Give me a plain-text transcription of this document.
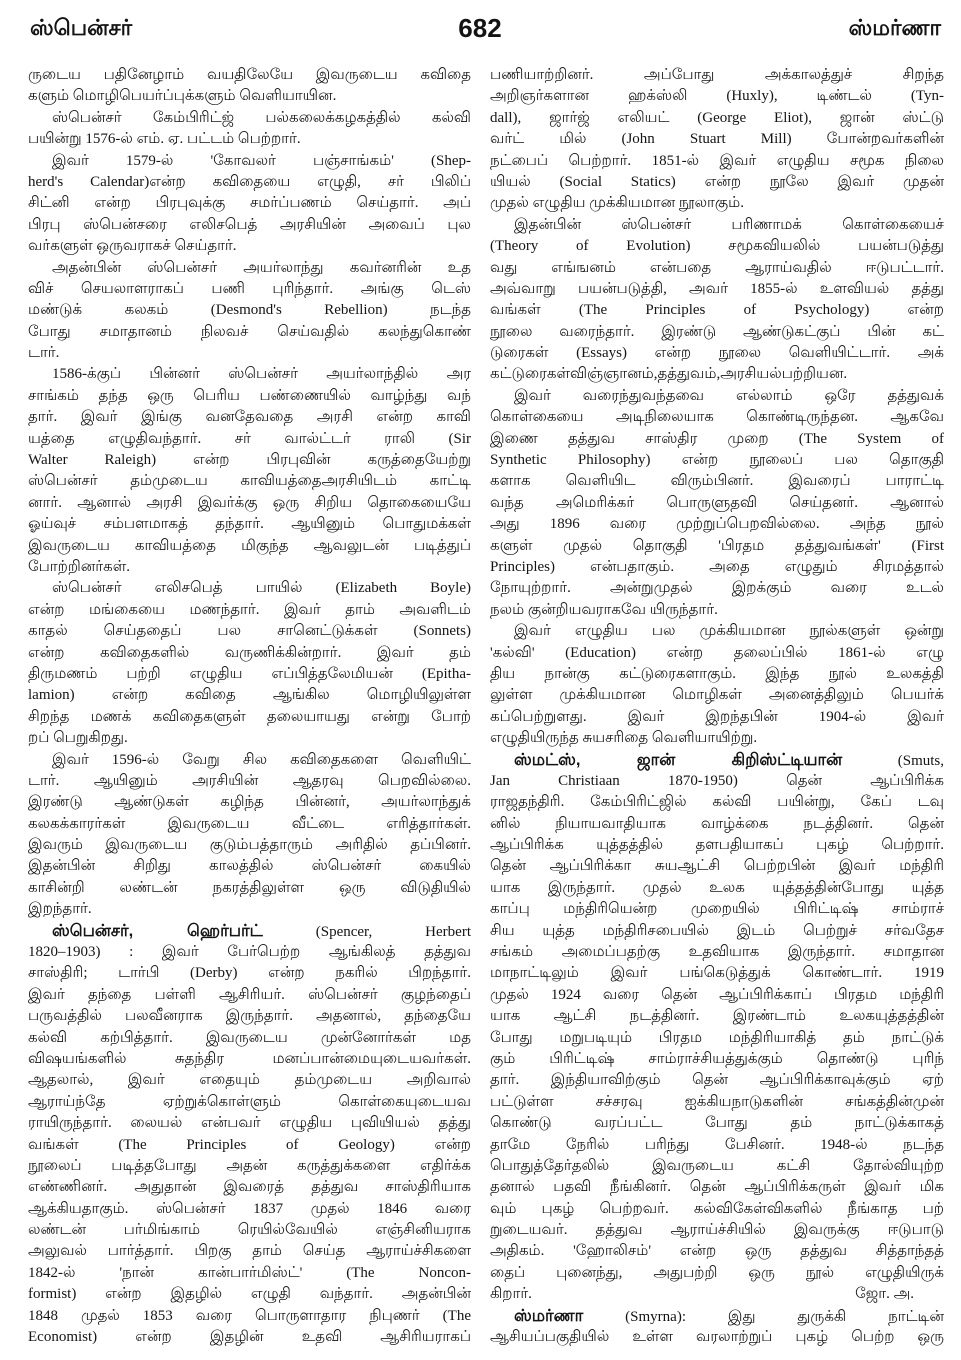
ஸ்பென்சர்	682	ஸ்மர்ணா
ருடைய பதினேழாம் வயதிலேயே இவருடைய கவிதை
களும் மொழிபெயர்ப்புக்களும் வெளியாயின.
ஸ்பென்சர் கேம்பிரிட்ஜ் பல்கலைக்கழகத்தில் கல்வி
பயின்று 1576-ல் எம். ஏ. பட்டம் பெற்றார்.
இவர் 1579-ல் 'கோவலர் பஞ்சாங்கம்' (Shep-
herd's Calendar)என்ற கவிதையை எழுதி, சர் பிலிப்
சிட்னி என்ற பிரபுவுக்கு சமர்ப்பணம் செய்தார். அப்
பிரபு ஸ்பென்சரை எலிசபெத் அரசியின் அவைப் புல
வர்களுள் ஒருவராகச் செய்தார்.
அதன்பின் ஸ்பென்சர் அயர்லாந்து கவர்னரின் உத
விச் செயலாளராகப் பணி புரிந்தார். அங்கு டெஸ்
மண்டுக் கலகம் (Desmond's Rebellion) நடந்த
போது சமாதானம் நிலவச் செய்வதில் கலந்துகொண்
டார்.
1586-க்குப் பின்னர் ஸ்பென்சர் அயர்லாந்தில் அர
சாங்கம் தந்த ஒரு பெரிய பண்ணையில் வாழ்ந்து வந்
தார். இவர் இங்கு வனதேவதை அரசி என்ற காவி
யத்தை எழுதிவந்தார். சர் வால்ட்டர் ராலி (Sir
Walter Raleigh) என்ற பிரபுவின் கருத்தையேற்று
ஸ்பென்சர் தம்முடைய காவியத்தைஅரசியிடம் காட்டி
னார். ஆனால் அரசி இவர்க்கு ஒரு சிறிய தொகையையே
ஓய்வுச் சம்பளமாகத் தந்தார். ஆயினும் பொதுமக்கள்
இவருடைய காவியத்தை மிகுந்த ஆவலுடன் படித்துப்
போற்றினர்கள்.
ஸ்பென்சர் எலிசபெத் பாயில் (Elizabeth Boyle)
என்ற மங்கையை மணந்தார். இவர் தாம் அவளிடம்
காதல் செய்ததைப் பல சானெட்டுக்கள் (Sonnets)
என்ற கவிதைகளில் வருணிக்கின்றார். இவர் தம்
திருமணம் பற்றி எழுதிய எப்பித்தலேமியன் (Epitha-
lamion) என்ற கவிதை ஆங்கில மொழியிலுள்ள
சிறந்த மணக் கவிதைகளுள் தலையாயது என்று போற்
றப் பெறுகிறது.
இவர் 1596-ல் வேறு சில கவிதைகளை வெளியிட்
டார். ஆயினும் அரசியின் ஆதரவு பெறவில்லை.
இரண்டு ஆண்டுகள் கழிந்த பின்னர், அயர்லாந்துக்
கலகக்காரர்கள் இவருடைய வீட்டை எரித்தார்கள்.
இவரும் இவருடைய குடும்பத்தாரும் அரிதில் தப்பினர்.
இதன்பின் சிறிது காலத்தில் ஸ்பென்சர் கையில்
காசின்றி லண்டன் நகரத்திலுள்ள ஒரு விடுதியில்
இறந்தார்.
ஸ்பென்சர், ஹெர்பர்ட்	(Spencer, Herbert
1820–1903) : இவர் பேர்பெற்ற ஆங்கிலத் தத்துவ
சாஸ்திரி; டார்பி (Derby) என்ற நகரில் பிறந்தார்.
இவர் தந்தை பள்ளி ஆசிரியர். ஸ்பென்சர் குழந்தைப்
பருவத்தில் பலவீனராக இருந்தார். அதனால், தந்தையே
கல்வி கற்பித்தார். இவருடைய முன்னோர்கள் மத
விஷயங்களில் சுதந்திர மனப்பான்மையுடையவர்கள்.
ஆதலால், இவர் எதையும் தம்முடைய அறிவால்
ஆராய்ந்தே ஏற்றுக்கொள்ளும் கொள்கையுடையவ
ராயிருந்தார். லையல் என்பவர் எழுதிய புவியியல் தத்து
வங்கள் (The Principles of Geology) என்ற
நூலைப் படித்தபோது அதன் கருத்துக்களை எதிர்க்க
எண்ணினர். அதுதான் இவரைத் தத்துவ சாஸ்திரியாக
ஆக்கியதாகும். ஸ்பென்சர் 1837 முதல் 1846 வரை
லண்டன் பர்மிங்காம் ரெயில்வேயில் எஞ்சினியராக
அலுவல் பார்த்தார். பிறகு தாம் செய்த ஆராய்ச்சிகளை
1842-ல் 'நான் கான்பார்மிஸ்ட்' (The Noncon-
formist) என்ற இதழில் எழுதி வந்தார். அதன்பின்
1848 முதல் 1853 வரை பொருளாதார நிபுணர் (The
Economist) என்ற இதழின் உதவி ஆசிரியராகப்
பணியாற்றினர். அப்போது அக்காலத்துச் சிறந்த
அறிஞர்களான ஹக்ஸ்லி (Huxly), டிண்டல் (Tyn-
dall), ஜார்ஜ் எலியட் (George Eliot), ஜான் ஸ்ட்டு
வர்ட் மில் (John Stuart Mill) போன்றவர்களின்
நட்பைப் பெற்றார். 1851-ல் இவர் எழுதிய சமூக நிலை
யியல் (Social Statics) என்ற நூலே இவர் முதன்
முதல் எழுதிய முக்கியமான நூலாகும்.
இதன்பின் ஸ்பென்சர் பரிணாமக் கொள்கையைச்
(Theory of Evolution) சமூகவியலில் பயன்படுத்து
வது எங்ஙனம் என்பதை ஆராய்வதில் ஈடுபட்டார்.
அவ்வாறு பயன்படுத்தி, அவர் 1855-ல் உளவியல் தத்து
வங்கள் (The Principles of Psychology) என்ற
நூலை வரைந்தார். இரண்டு ஆண்டுகட்குப் பின் கட்
டுரைகள் (Essays) என்ற நூலை வெளியிட்டார். அக்
கட்டுரைகள்விஞ்ஞானம்,தத்துவம்,அரசியல்பற்றியன.
இவர் வரைந்துவந்தவை எல்லாம் ஒரே தத்துவக்
கொள்கையை அடிநிலையாக கொண்டிருந்தன. ஆகவே
இணை தத்துவ சாஸ்திர முறை (The System of
Synthetic Philosophy) என்ற நூலைப் பல தொகுதி
களாக வெளியிட விரும்பினர். இவரைப் பாராட்டி
வந்த அமெரிக்கர் பொருளுதவி செய்தனர். ஆனால்
அது 1896 வரை முற்றுப்பெறவில்லை. அந்த நூல்
களுள் முதல் தொகுதி 'பிரதம தத்துவங்கள்' (First
Principles) என்பதாகும். அதை எழுதும் சிரமத்தால்
நோயுற்றார். அன்றுமுதல் இறக்கும் வரை உடல்
நலம் குன்றியவராகவே யிருந்தார்.
இவர் எழுதிய பல முக்கியமான நூல்களுள் ஒன்று
'கல்வி' (Education) என்ற தலைப்பில் 1861-ல் எழு
திய நான்கு கட்டுரைகளாகும். இந்த நூல் உலகத்தி
லுள்ள முக்கியமான மொழிகள் அனைத்திலும் பெயர்க்
கப்பெற்றுளது. இவர் இறந்தபின் 1904-ல் இவர்
எழுதியிருந்த சுயசரிதை வெளியாயிற்று.
ஸ்மட்ஸ், ஜான் கிறிஸ்ட்டியான்	(Smuts,
Jan Christiaan 1870-1950) தென் ஆப்பிரிக்க
ராஜதந்திரி. கேம்பிரிட்ஜில் கல்வி பயின்று, கேப் டவு
னில் நியாயவாதியாக வாழ்க்கை நடத்தினர். தென்
ஆப்பிரிக்க யுத்தத்தில் தளபதியாகப் புகழ் பெற்றார்.
தென் ஆப்பிரிக்கா சுயஆட்சி பெற்றபின் இவர் மந்திரி
யாக இருந்தார். முதல் உலக யுத்தத்தின்போது யுத்த
காப்பு மந்திரியென்ற முறையில் பிரிட்டிஷ் சாம்ராச்
சிய யுத்த மந்திரிசபையில் இடம் பெற்றுச் சர்வதேச
சங்கம் அமைப்பதற்கு உதவியாக இருந்தார். சமாதான
மாநாட்டிலும் இவர் பங்கெடுத்துக் கொண்டார். 1919
முதல் 1924 வரை தென் ஆப்பிரிக்காப் பிரதம மந்திரி
யாக ஆட்சி நடத்தினர். இரண்டாம் உலகயுத்தத்தின்
போது மறுபடியும் பிரதம மந்திரியாகித் தம் நாட்டுக்
கும் பிரிட்டிஷ் சாம்ராச்சியத்துக்கும் தொண்டு புரிந்
தார். இந்தியாவிற்கும் தென் ஆப்பிரிக்காவுக்கும் ஏற்
பட்டுள்ள சச்சரவு ஐக்கியநாடுகளின் சங்கத்தின்முன்
கொண்டு வரப்பட்ட போது தம் நாட்டுக்காகத்
தாமே நேரில் பரிந்து பேசினர். 1948-ல் நடந்த
பொதுத்தேர்தலில் இவருடைய கட்சி தோல்வியுற்ற
தனால் பதவி நீங்கினர். தென் ஆப்பிரிக்கருள் இவர் மிக
வும் புகழ் பெற்றவர். கல்விகேள்விகளில் நீங்காத பற்
றுடையவர். தத்துவ ஆராய்ச்சியில் இவருக்கு ஈடுபாடு
அதிகம். 'ஹோலிசம்' என்ற ஒரு தத்துவ சித்தாந்தத்
தைப் புனைந்து, அதுபற்றி ஒரு நூல் எழுதியிருக்
கிறார்.	ஜோ. அ.
ஸ்மர்ணா	(Smyrna): இது துருக்கி நாட்டின்
ஆசியப்பகுதியில் உள்ள வரலாற்றுப் புகழ் பெற்ற ஒரு
